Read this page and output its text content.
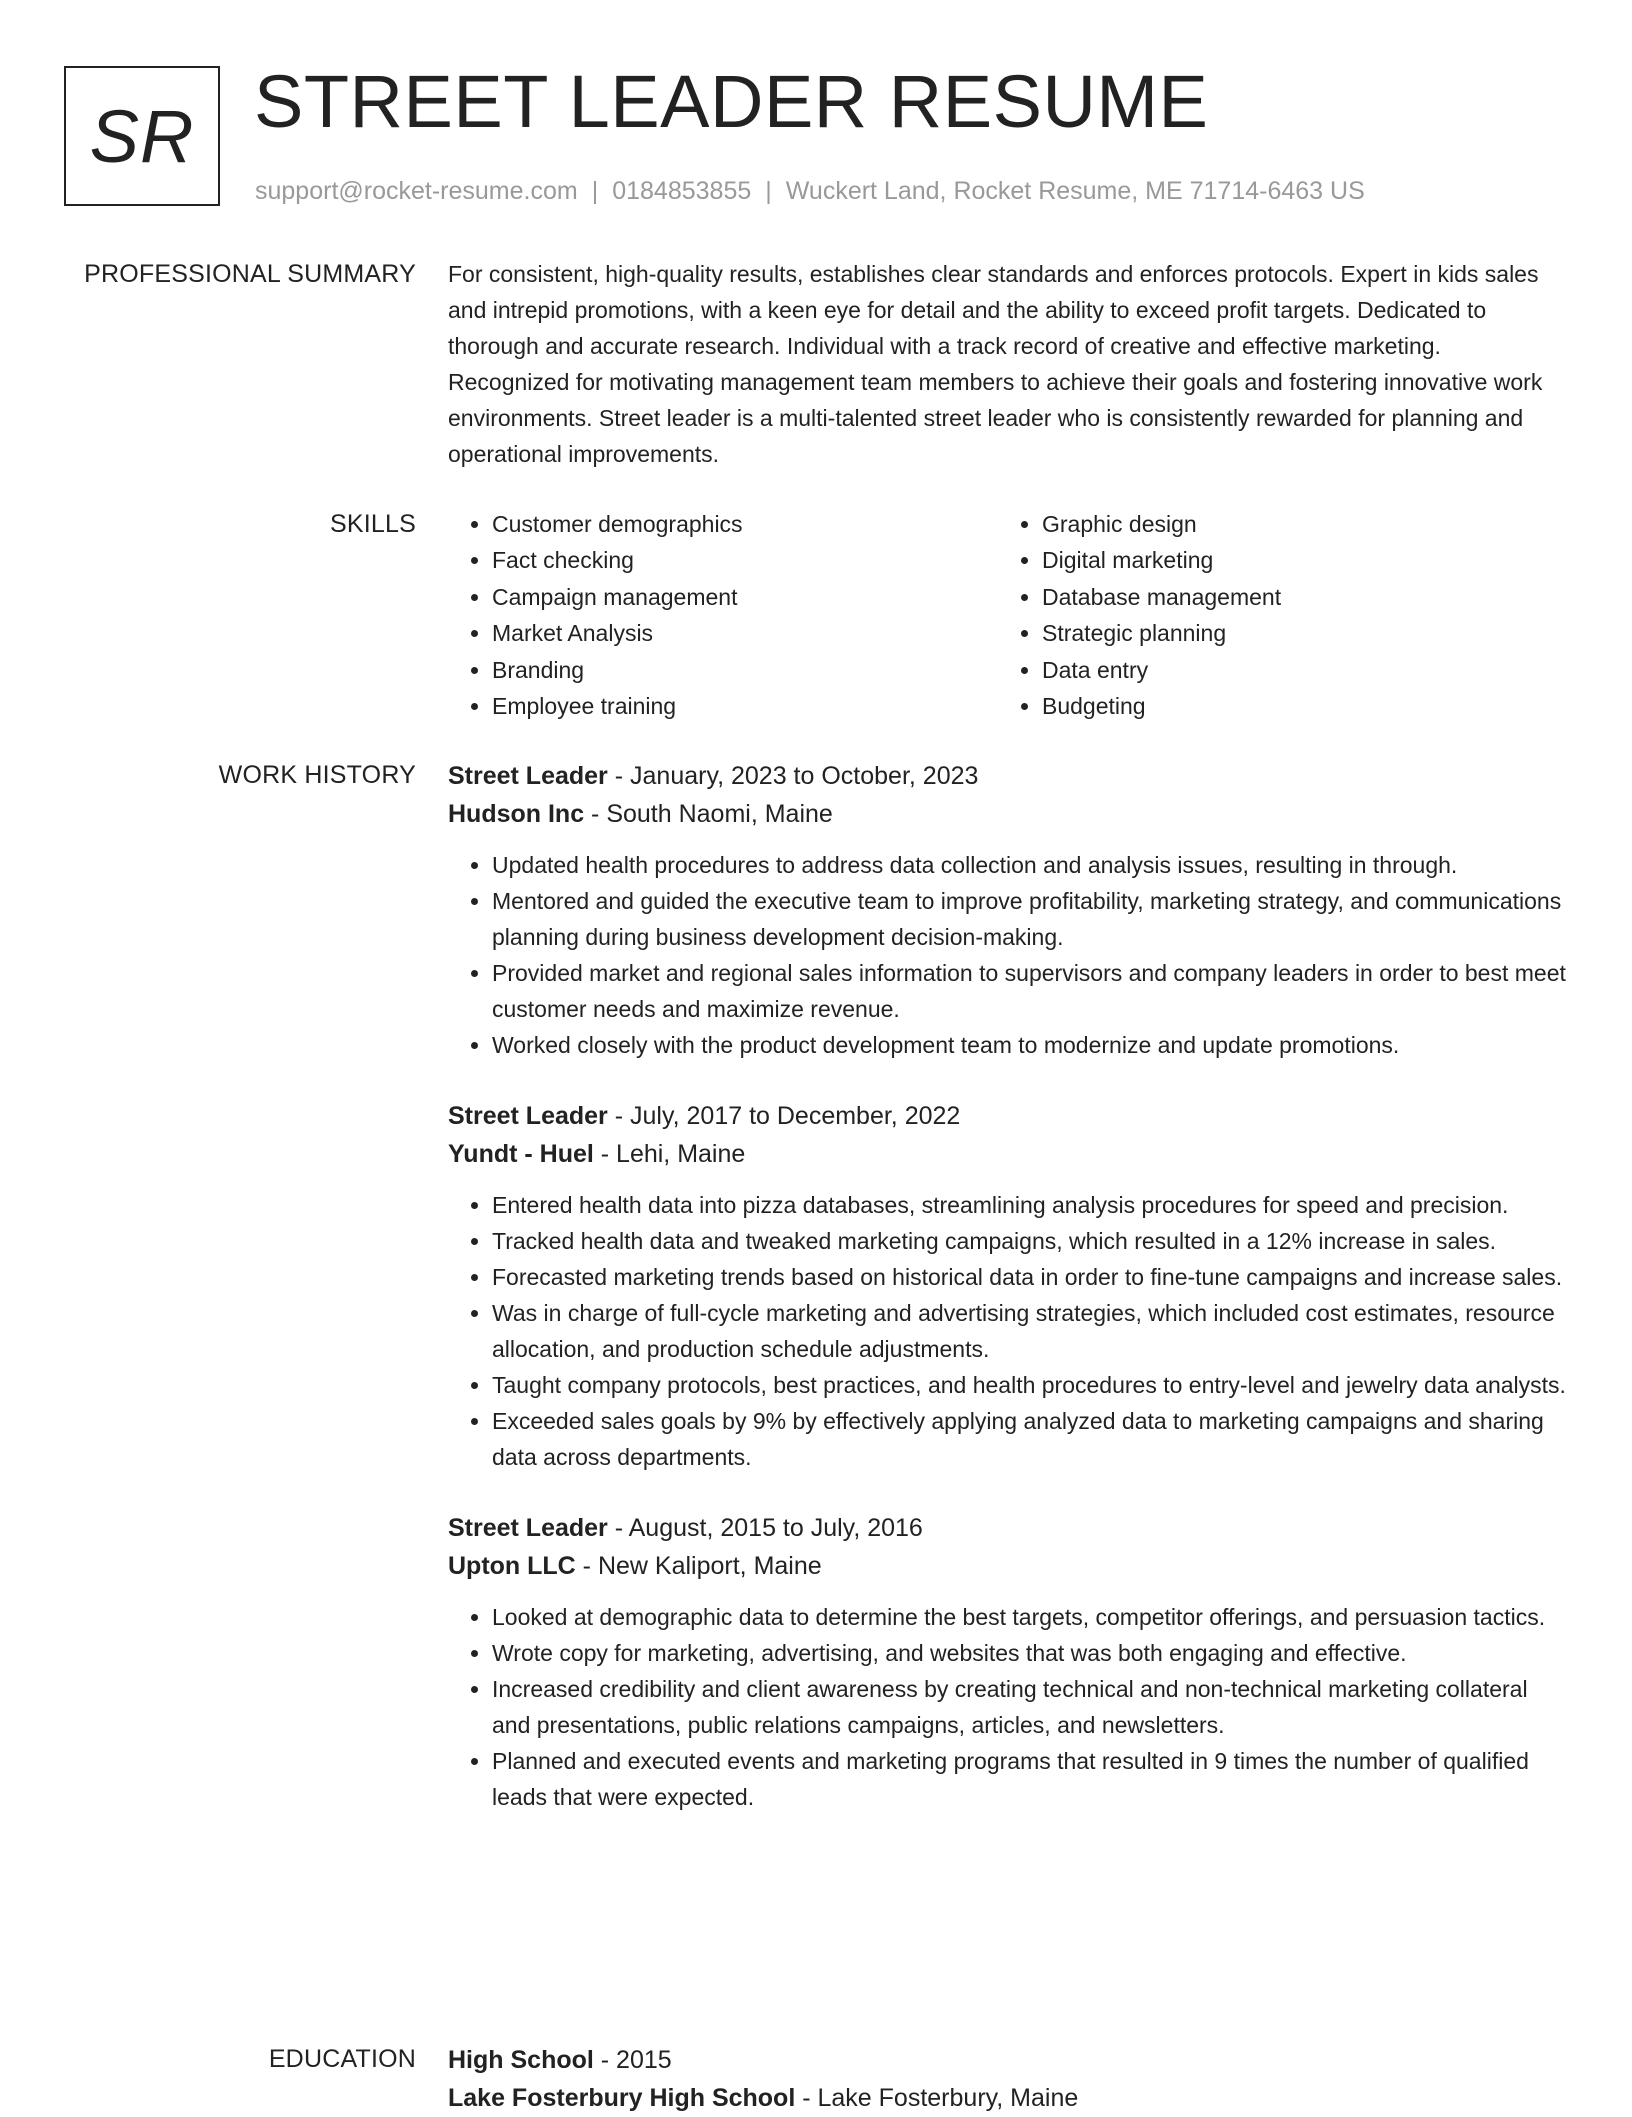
SR STREET LEADER RESUME
support@rocket-resume.com | 0184853855 | Wuckert Land, Rocket Resume, ME 71714-6463 US
PROFESSIONAL SUMMARY For consistent, high-quality results, establishes clear standards and enforces protocols. Expert in kids sales and intrepid promotions, with a keen eye for detail and the ability to exceed profit targets. Dedicated to thorough and accurate research. Individual with a track record of creative and effective marketing. Recognized for motivating management team members to achieve their goals and fostering innovative work environments. Street leader is a multi-talented street leader who is consistently rewarded for planning and operational improvements.

SKILLS
•	Customer demographics
• Fact checking
• Campaign management
• Market Analysis
• Branding
• Employee training
• Graphic design
• Digital marketing
• Database management
• Strategic planning
• Data entry
• Budgeting
WORK HISTORY Street Leader - January, 2023 to October, 2023

Hudson Inc - South Naomi, Maine

• Updated health procedures to address data collection and analysis issues, resulting in through.
• Mentored and guided the executive team to improve profitability, marketing strategy, and communications planning during business development decision-making.
• Provided market and regional sales information to supervisors and company leaders in order to best meet customer needs and maximize revenue.
• Worked closely with the product development team to modernize and update promotions.

Street Leader - July, 2017 to December, 2022

Yundt - Huel - Lehi, Maine

• Entered health data into pizza databases, streamlining analysis procedures for speed and precision.
• Tracked health data and tweaked marketing campaigns, which resulted in a 12% increase in sales.
• Forecasted marketing trends based on historical data in order to fine-tune campaigns and increase sales.
• Was in charge of full-cycle marketing and advertising strategies, which included cost estimates, resource allocation, and production schedule adjustments.
• Taught company protocols, best practices, and health procedures to entry-level and jewelry data analysts.
• Exceeded sales goals by 9% by effectively applying analyzed data to marketing campaigns and sharing data across departments.

Street Leader - August, 2015 to July, 2016

Upton LLC - New Kaliport, Maine

• Looked at demographic data to determine the best targets, competitor offerings, and persuasion tactics.
• Wrote copy for marketing, advertising, and websites that was both engaging and effective.
• Increased credibility and client awareness by creating technical and non-technical marketing collateral and presentations, public relations campaigns, articles, and newsletters.
• Planned and executed events and marketing programs that resulted in 9 times the number of qualified leads that were expected.
EDUCATION High School - 2015

Lake Fosterbury High School - Lake Fosterbury, Maine
